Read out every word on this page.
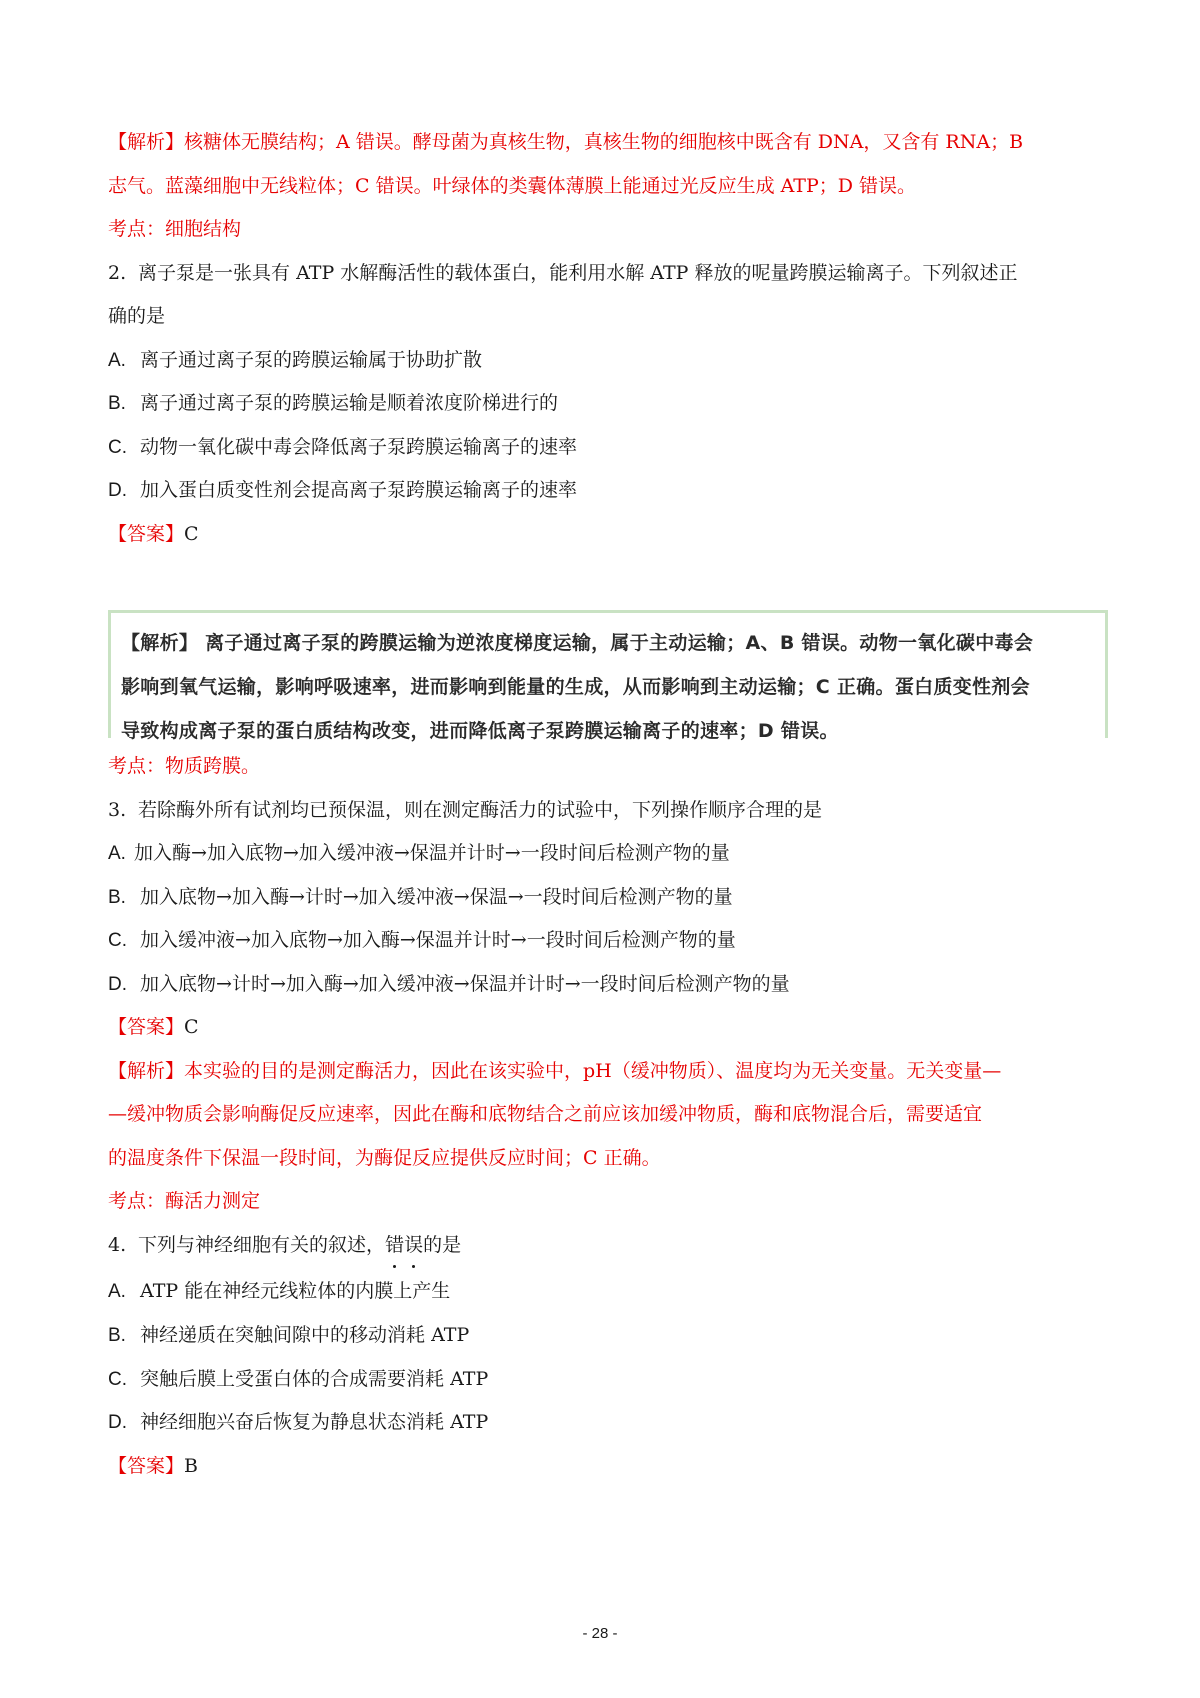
【解析】核糖体无膜结构；A 错误。酵母菌为真核生物，真核生物的细胞核中既含有 DNA，又含有 RNA；B
志气。蓝藻细胞中无线粒体；C 错误。叶绿体的类囊体薄膜上能通过光反应生成 ATP；D 错误。
考点：细胞结构
2. 离子泵是一张具有 ATP 水解酶活性的载体蛋白，能利用水解 ATP 释放的呢量跨膜运输离子。下列叙述正
确的是
A. 离子通过离子泵的跨膜运输属于协助扩散
B. 离子通过离子泵的跨膜运输是顺着浓度阶梯进行的
C. 动物一氧化碳中毒会降低离子泵跨膜运输离子的速率
D. 加入蛋白质变性剂会提高离子泵跨膜运输离子的速率
【答案】C
【解析】 离子通过离子泵的跨膜运输为逆浓度梯度运输，属于主动运输；A、B 错误。动物一氧化碳中毒会
影响到氧气运输，影响呼吸速率，进而影响到能量的生成，从而影响到主动运输；C 正确。蛋白质变性剂会
导致构成离子泵的蛋白质结构改变，进而降低离子泵跨膜运输离子的速率；D 错误。
考点：物质跨膜。
3. 若除酶外所有试剂均已预保温，则在测定酶活力的试验中，下列操作顺序合理的是
A. 加入酶→加入底物→加入缓冲液→保温并计时→一段时间后检测产物的量
B. 加入底物→加入酶→计时→加入缓冲液→保温→一段时间后检测产物的量
C. 加入缓冲液→加入底物→加入酶→保温并计时→一段时间后检测产物的量
D. 加入底物→计时→加入酶→加入缓冲液→保温并计时→一段时间后检测产物的量
【答案】C
【解析】本实验的目的是测定酶活力，因此在该实验中，pH（缓冲物质）、温度均为无关变量。无关变量—
—缓冲物质会影响酶促反应速率，因此在酶和底物结合之前应该加缓冲物质，酶和底物混合后，需要适宜
的温度条件下保温一段时间，为酶促反应提供反应时间；C 正确。
考点：酶活力测定
4. 下列与神经细胞有关的叙述，错误的是
A. ATP 能在神经元线粒体的内膜上产生
B. 神经递质在突触间隙中的移动消耗 ATP
C. 突触后膜上受蛋白体的合成需要消耗 ATP
D. 神经细胞兴奋后恢复为静息状态消耗 ATP
【答案】B
- 28 -
